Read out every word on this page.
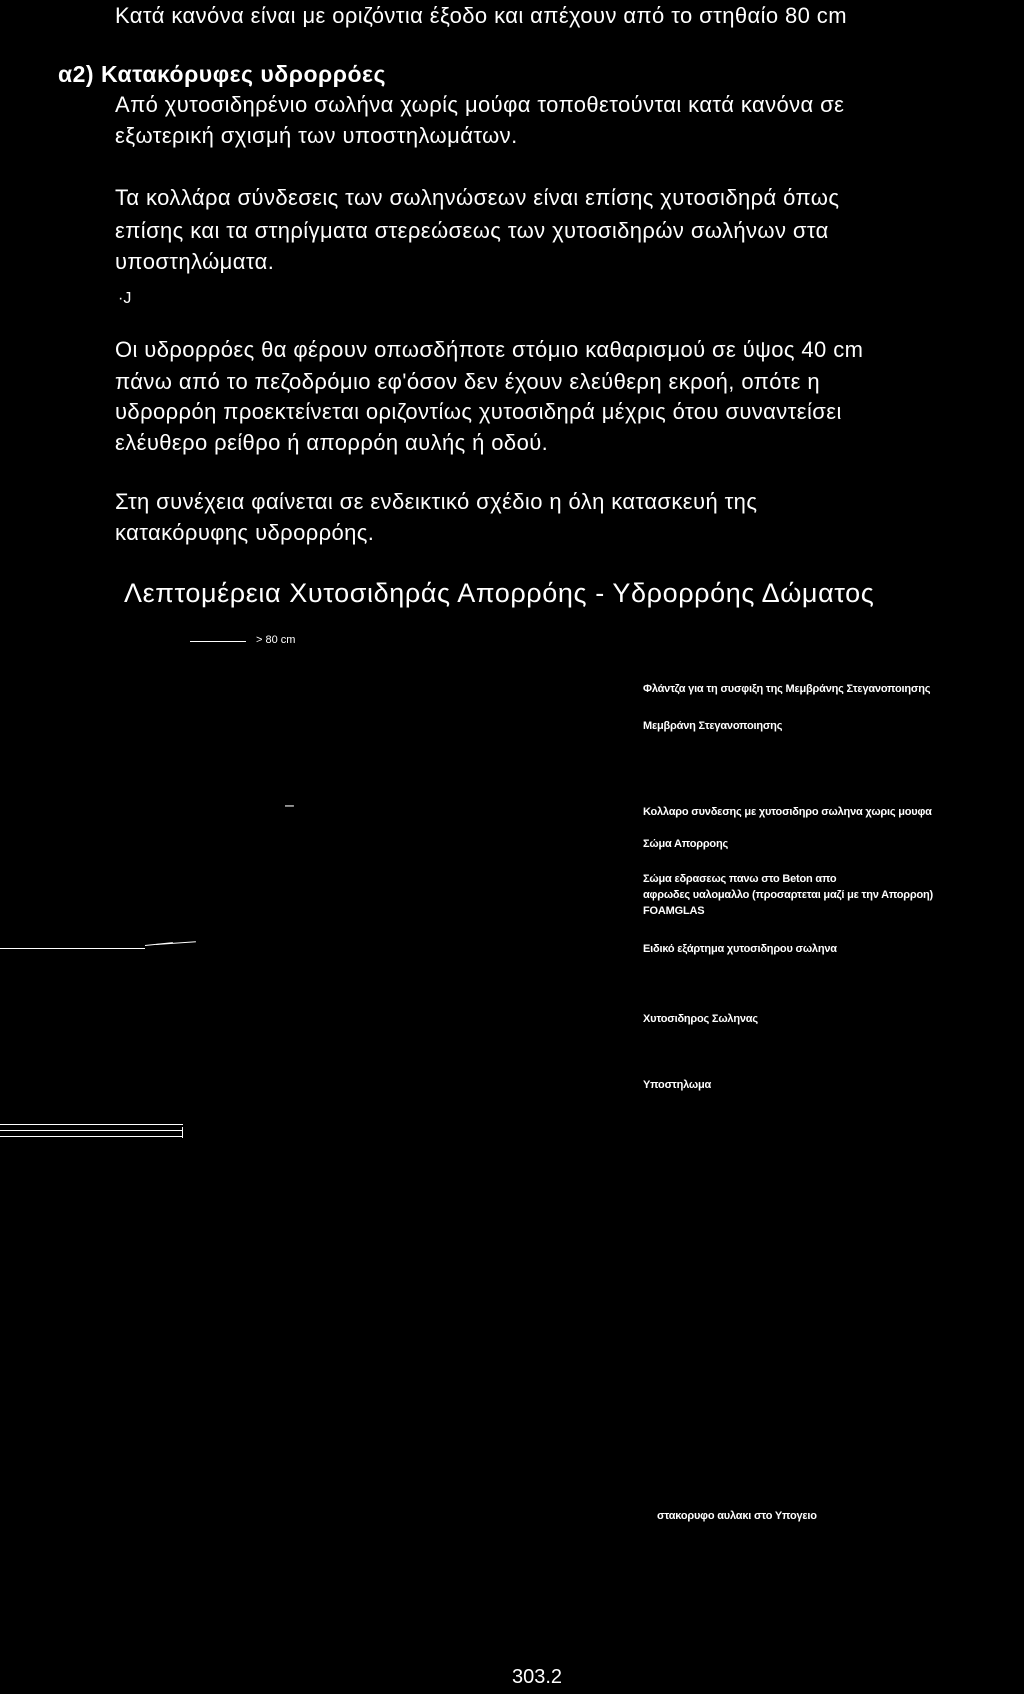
Κατά κανόνα είναι με οριζόντια έξοδο και απέχουν από το στηθαίο 80 cm

α2) Κατακόρυφες υδρορρόες

Από χυτοσιδηρένιο σωλήνα χωρίς μούφα τοποθετούνται κατά κανόνα σε

εξωτερική σχισμή των υποστηλωμάτων.

Τα κολλάρα σύνδεσεις των σωληνώσεων είναι επίσης χυτοσιδηρά όπως

επίσης και τα στηρίγματα στερεώσεως των χυτοσιδηρών σωλήνων στα

υποστηλώματα.

·J

Οι υδρορρόες θα φέρουν οπωσδήποτε στόμιο καθαρισμού σε ύψος 40 cm

πάνω από το πεζοδρόμιο εφ'όσον δεν έχουν ελεύθερη εκροή, οπότε η

υδρορρόη προεκτείνεται οριζοντίως χυτοσιδηρά μέχρις ότου συναντείσει

ελέυθερο ρείθρο ή απορρόη αυλής ή οδού.

Στη συνέχεια φαίνεται σε ενδεικτικό σχέδιο η όλη κατασκευή της

κατακόρυφης υδρορρόης.

Λεπτομέρεια Χυτοσιδηράς Απορρόης - Υδρορρόης Δώματος

> 80 cm

Φλάντζα για τη συσφιξη της Μεμβράνης Στεγανοποιησης

Μεμβράνη Στεγανοποιησης

–	Κολλαρο συνδεσης με χυτοσιδηρο σωληνα χωρις μουφα

Σώμα Απορροης

Σώμα εδρασεως πανω στο Beton απο

αφρωδες υαλομαλλο (προσαρτεται μαζί με την Απορροη)

FOAMGLAS

Ειδικό εξάρτημα χυτοσιδηρου σωληνα

Χυτοσιδηρος Σωληνας

Υποστηλωμα

στακορυφο αυλακι στο Υπογειο

303.2
